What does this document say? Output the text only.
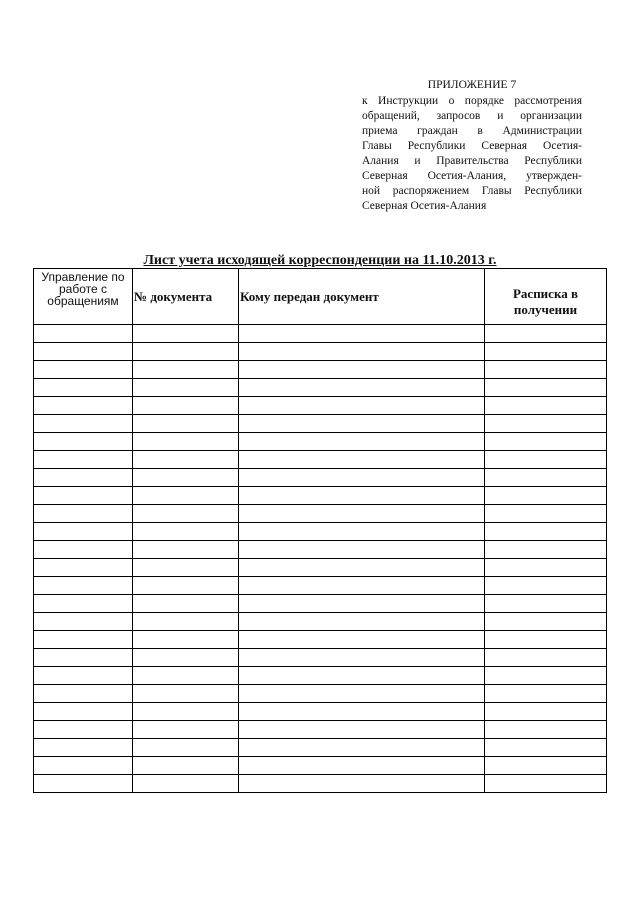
ПРИЛОЖЕНИЕ 7
к Инструкции о порядке рассмотрения
обращений, запросов и организации
приема граждан в Администрации
Главы Республики Северная Осетия-
Алания и Правительства Республики
Северная Осетия-Алания, утвержден-
ной распоряжением Главы Республики
Северная Осетия-Алания
Лист учета исходящей корреспонденции на 11.10.2013 г.
Управление по работе с обращениям	№ документа	Кому передан документ	Расписка в получении
